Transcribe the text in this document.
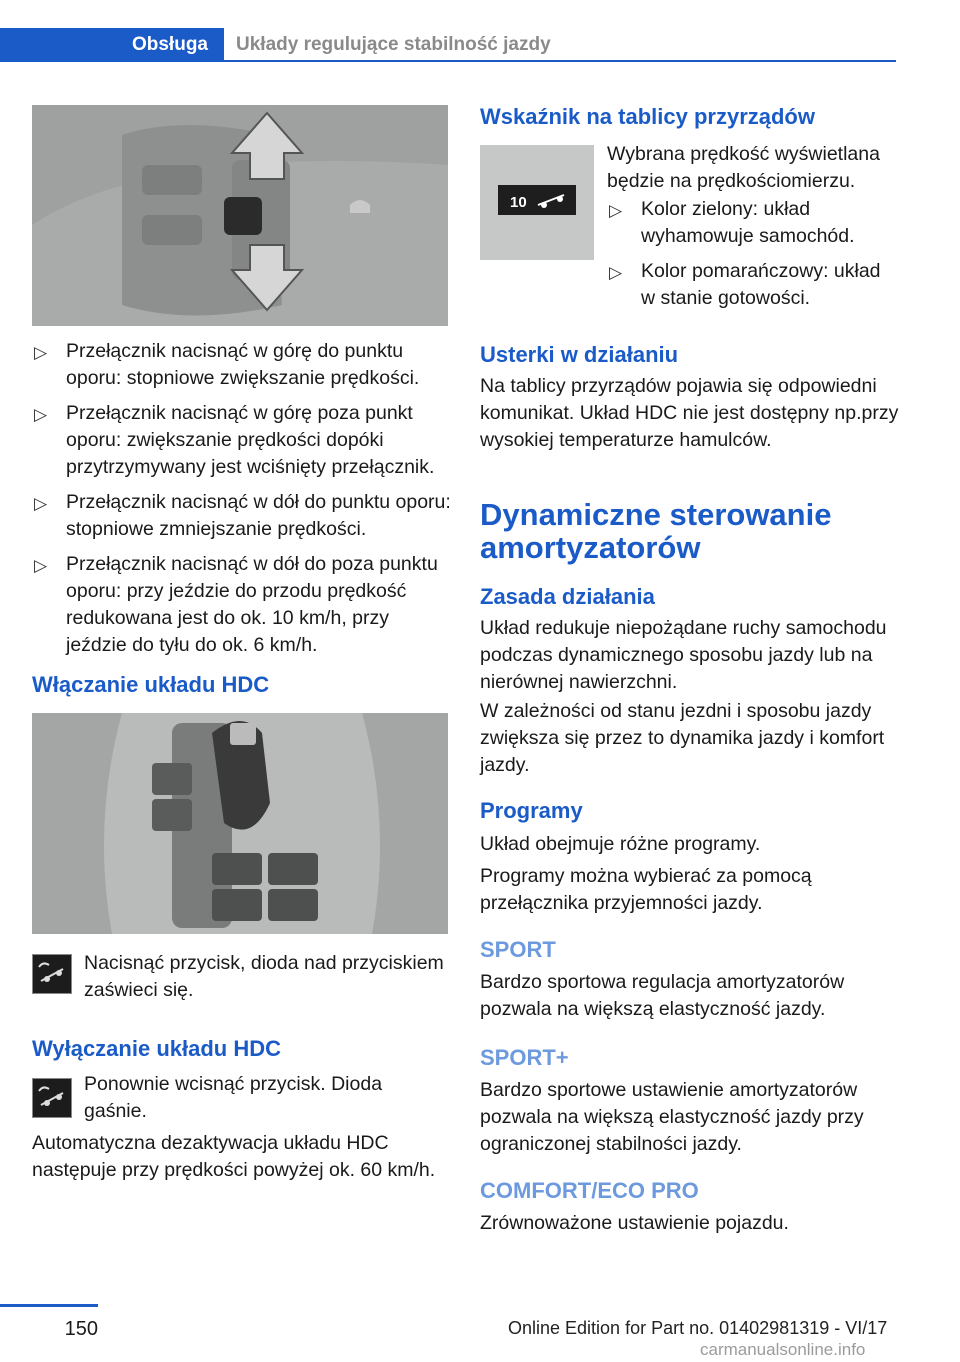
Obsługa	Układy regulujące stabilność jazdy
▷ Przełącznik nacisnąć w górę do punktu oporu: stopniowe zwiększanie prędkości.
▷ Przełącznik nacisnąć w górę poza punkt oporu: zwiększanie prędkości dopóki przytrzymywany jest wciśnięty przełącznik.
▷ Przełącznik nacisnąć w dół do punktu oporu: stopniowe zmniejszanie prędkości.
▷ Przełącznik nacisnąć w dół do poza punktu oporu: przy jeździe do przodu prędkość redukowana jest do ok. 10 km/h, przy jeździe do tyłu do ok. 6 km/h.
Włączanie układu HDC

Nacisnąć przycisk, dioda nad przyciskiem zaświeci się.

Wyłączanie układu HDC

Ponownie wcisnąć przycisk. Dioda gaśnie.

Automatyczna dezaktywacja układu HDC następuje przy prędkości powyżej ok. 60 km/h.

Wskaźnik na tablicy przyrządów
10

Wybrana prędkość wyświetlana będzie na prędkościomierzu.

▷ Kolor zielony: układ wyhamowuje samochód.
▷ Kolor pomarańczowy: układ w stanie gotowości.
Usterki w działaniu

Na tablicy przyrządów pojawia się odpowiedni komunikat. Układ HDC nie jest dostępny np.przy wysokiej temperaturze hamulców.

Dynamiczne sterowanie amortyzatorów
Zasada działania

Układ redukuje niepożądane ruchy samochodu podczas dynamicznego sposobu jazdy lub na nierównej nawierzchni.

W zależności od stanu jezdni i sposobu jazdy zwiększa się przez to dynamika jazdy i komfort jazdy.

Programy

Układ obejmuje różne programy.

Programy można wybierać za pomocą przełącznika przyjemności jazdy.

SPORT

Bardzo sportowa regulacja amortyzatorów pozwala na większą elastyczność jazdy.

SPORT+

Bardzo sportowe ustawienie amortyzatorów pozwala na większą elastyczność jazdy przy ograniczonej stabilności jazdy.

COMFORT/ECO PRO

Zrównoważone ustawienie pojazdu.

150	Online Edition for Part no. 01402981319 - VI/17
carmanualsonline.info
